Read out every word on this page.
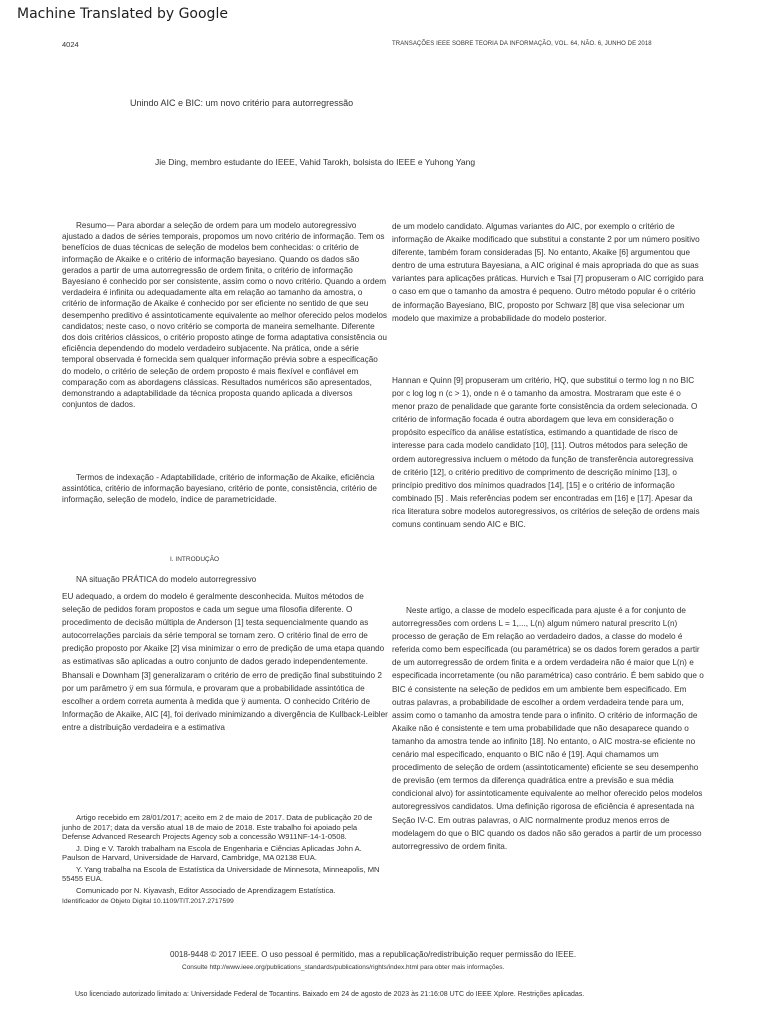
Machine Translated by Google
4024	TRANSAÇÕES IEEE SOBRE TEORIA DA INFORMAÇÃO, VOL. 64, NÃO. 6, JUNHO DE 2018
Unindo AIC e BIC: um novo critério para autorregressão
Jie Ding, membro estudante do IEEE, Vahid Tarokh, bolsista do IEEE e Yuhong Yang

Resumo— Para abordar a seleção de ordem para um modelo autoregressivo ajustado a dados de séries temporais, propomos um novo critério de informação. Tem os benefícios de duas técnicas de seleção de modelos bem conhecidas: o critério de informação de Akaike e o critério de informação bayesiano. Quando os dados são gerados a partir de uma autorregressão de ordem finita, o critério de informação Bayesiano é conhecido por ser consistente, assim como o novo critério. Quando a ordem verdadeira é infinita ou adequadamente alta em relação ao tamanho da amostra, o critério de informação de Akaike é conhecido por ser eficiente no sentido de que seu desempenho preditivo é assintoticamente equivalente ao melhor oferecido pelos modelos candidatos; neste caso, o novo critério se comporta de maneira semelhante. Diferente dos dois critérios clássicos, o critério proposto atinge de forma adaptativa consistência ou eficiência dependendo do modelo verdadeiro subjacente. Na prática, onde a série temporal observada é fornecida sem qualquer informação prévia sobre a especificação do modelo, o critério de seleção de ordem proposto é mais flexível e confiável em comparação com as abordagens clássicas. Resultados numéricos são apresentados, demonstrando a adaptabilidade da técnica proposta quando aplicada a diversos conjuntos de dados.

Termos de indexação - Adaptabilidade, critério de informação de Akaike, eficiência assintótica, critério de informação bayesiano, critério de ponte, consistência, critério de informação, seleção de modelo, índice de parametricidade.

I. INTRODUÇÃO
NA situação PRÁTICA do modelo autorregressivo

EU adequado, a ordem do modelo é geralmente desconhecida. Muitos métodos de seleção de pedidos foram propostos e cada um segue uma filosofia diferente. O procedimento de decisão múltipla de Anderson [1] testa sequencialmente quando as autocorrelações parciais da série temporal se tornam zero. O critério final de erro de predição proposto por Akaike [2] visa minimizar o erro de predição de uma etapa quando as estimativas são aplicadas a outro conjunto de dados gerado independentemente. Bhansali e Downham [3] generalizaram o critério de erro de predição final substituindo 2 por um parâmetro ÿ em sua fórmula, e provaram que a probabilidade assintótica de escolher a ordem correta aumenta à medida que ÿ aumenta. O conhecido Critério de Informação de Akaike, AIC [4], foi derivado minimizando a divergência de Kullback-Leibler entre a distribuição verdadeira e a estimativa

Artigo recebido em 28/01/2017; aceito em 2 de maio de 2017. Data de publicação 20 de junho de 2017; data da versão atual 18 de maio de 2018. Este trabalho foi apoiado pela Defense Advanced Research Projects Agency sob a concessão W911NF-14-1-0508.

J. Ding e V. Tarokh trabalham na Escola de Engenharia e Ciências Aplicadas John A. Paulson de Harvard, Universidade de Harvard, Cambridge, MA 02138 EUA.

Y. Yang trabalha na Escola de Estatística da Universidade de Minnesota, Minneapolis, MN 55455 EUA.

Comunicado por N. Kiyavash, Editor Associado de Aprendizagem Estatística.

Identificador de Objeto Digital 10.1109/TIT.2017.2717599

de um modelo candidato. Algumas variantes do AIC, por exemplo o critério de informação de Akaike modificado que substitui a constante 2 por um número positivo diferente, também foram consideradas [5]. No entanto, Akaike [6] argumentou que dentro de uma estrutura Bayesiana, a AIC original é mais apropriada do que as suas variantes para aplicações práticas. Hurvich e Tsai [7] propuseram o AIC corrigido para o caso em que o tamanho da amostra é pequeno. Outro método popular é o critério de informação Bayesiano, BIC, proposto por Schwarz [8] que visa selecionar um modelo que maximize a probabilidade do modelo posterior.

Hannan e Quinn [9] propuseram um critério, HQ, que substitui o termo log n no BIC por c log log n (c > 1), onde n é o tamanho da amostra. Mostraram que este é o menor prazo de penalidade que garante forte consistência da ordem selecionada. O critério de informação focada é outra abordagem que leva em consideração o propósito específico da análise estatística, estimando a quantidade de risco de interesse para cada modelo candidato [10], [11]. Outros métodos para seleção de ordem autoregressiva incluem o método da função de transferência autoregressiva de critério [12], o critério preditivo de comprimento de descrição mínimo [13], o princípio preditivo dos mínimos quadrados [14], [15] e o critério de informação combinado [5] . Mais referências podem ser encontradas em [16] e [17]. Apesar da rica literatura sobre modelos autoregressivos, os critérios de seleção de ordens mais comuns continuam sendo AIC e BIC.

Neste artigo, a classe de modelo especificada para ajuste é a for conjunto de autorregressões com ordens L = 1,..., L(n) algum número natural prescrito L(n) processo de geração de Em relação ao verdadeiro dados, a classe do modelo é referida como bem especificada (ou paramétrica) se os dados forem gerados a partir de um autorregressão de ordem finita e a ordem verdadeira não é maior que L(n) e especificada incorretamente (ou não paramétrica) caso contrário. É bem sabido que o BIC é consistente na seleção de pedidos em um ambiente bem especificado. Em outras palavras, a probabilidade de escolher a ordem verdadeira tende para um, assim como o tamanho da amostra tende para o infinito. O critério de informação de Akaike não é consistente e tem uma probabilidade que não desaparece quando o tamanho da amostra tende ao infinito [18]. No entanto, o AIC mostra-se eficiente no cenário mal especificado, enquanto o BIC não é [19]. Aqui chamamos um procedimento de seleção de ordem (assintoticamente) eficiente se seu desempenho de previsão (em termos da diferença quadrática entre a previsão e sua média condicional alvo) for assintoticamente equivalente ao melhor oferecido pelos modelos autoregressivos candidatos. Uma definição rigorosa de eficiência é apresentada na Seção IV-C. Em outras palavras, o AIC normalmente produz menos erros de modelagem do que o BIC quando os dados não são gerados a partir de um processo autorregressivo de ordem finita.

0018-9448 © 2017 IEEE. O uso pessoal é permitido, mas a republicação/redistribuição requer permissão do IEEE.
Consulte http://www.ieee.org/publications_standards/publications/rights/index.html para obter mais informações.
Uso licenciado autorizado limitado a: Universidade Federal de Tocantins. Baixado em 24 de agosto de 2023 às 21:16:08 UTC do IEEE Xplore. Restrições aplicadas.
